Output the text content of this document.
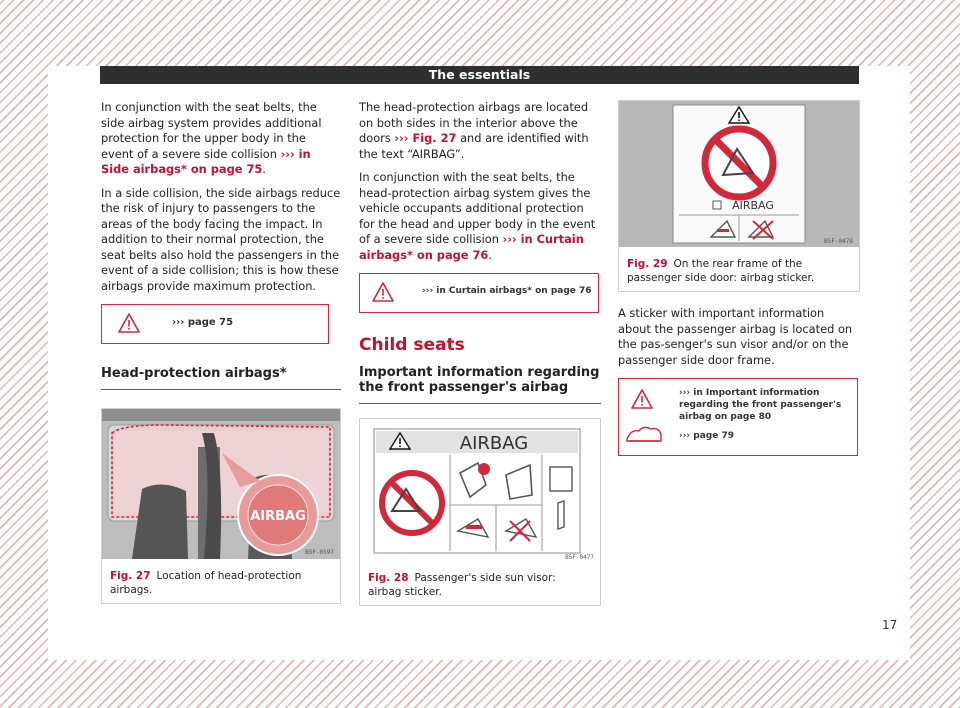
The essentials

In conjunction with the seat belts, the side airbag system provides additional protection for the upper body in the event of a severe side collision ››› in Side airbags* on page 75.

In a side collision, the side airbags reduce the risk of injury to passengers to the areas of the body facing the impact. In addition to their normal protection, the seat belts also hold the passengers in the event of a side collision; this is how these airbags provide maximum protection.

››› page 75
Head-protection airbags*
AIRBAG
B5F-0597
Fig. 27 Location of head-protection airbags.

The head-protection airbags are located on both sides in the interior above the doors ››› Fig. 27 and are identified with the text “AIRBAG”.

In conjunction with the seat belts, the head-protection airbag system gives the vehicle occupants additional protection for the head and upper body in the event of a severe side collision ››› in Curtain airbags* on page 76.

››› in Curtain airbags* on page 76
Child seats
Important information regarding the front passenger's airbag
AIRBAG
B5F-0477
Fig. 28 Passenger's side sun visor: airbag sticker.
AIRBAG
B5F-0478
Fig. 29 On the rear frame of the passenger side door: airbag sticker.

A sticker with important information about the passenger airbag is located on the pas-senger's sun visor and/or on the passenger side door frame.

››› in Important information regarding the front passenger's airbag on page 80
››› page 79
17
